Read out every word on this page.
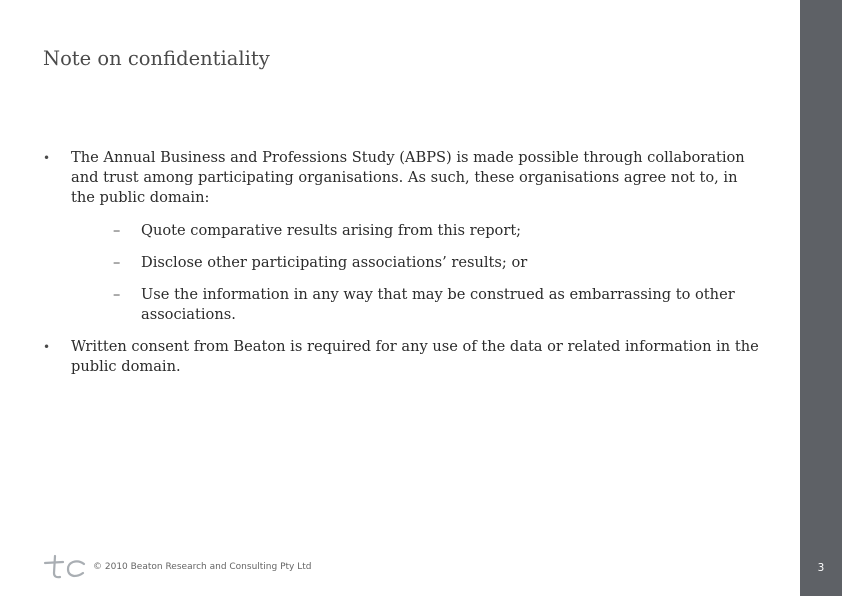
Note on confidentiality
• The Annual Business and Professions Study (ABPS) is made possible through collaboration and trust among participating organisations. As such, these organisations agree not to, in the public domain:
– Quote comparative results arising from this report;
– Disclose other participating associations’ results; or
– Use the information in any way that may be construed as embarrassing to other associations.
• Written consent from Beaton is required for any use of the data or related information in the public domain.
© 2010 Beaton Research and Consulting Pty Ltd	3
